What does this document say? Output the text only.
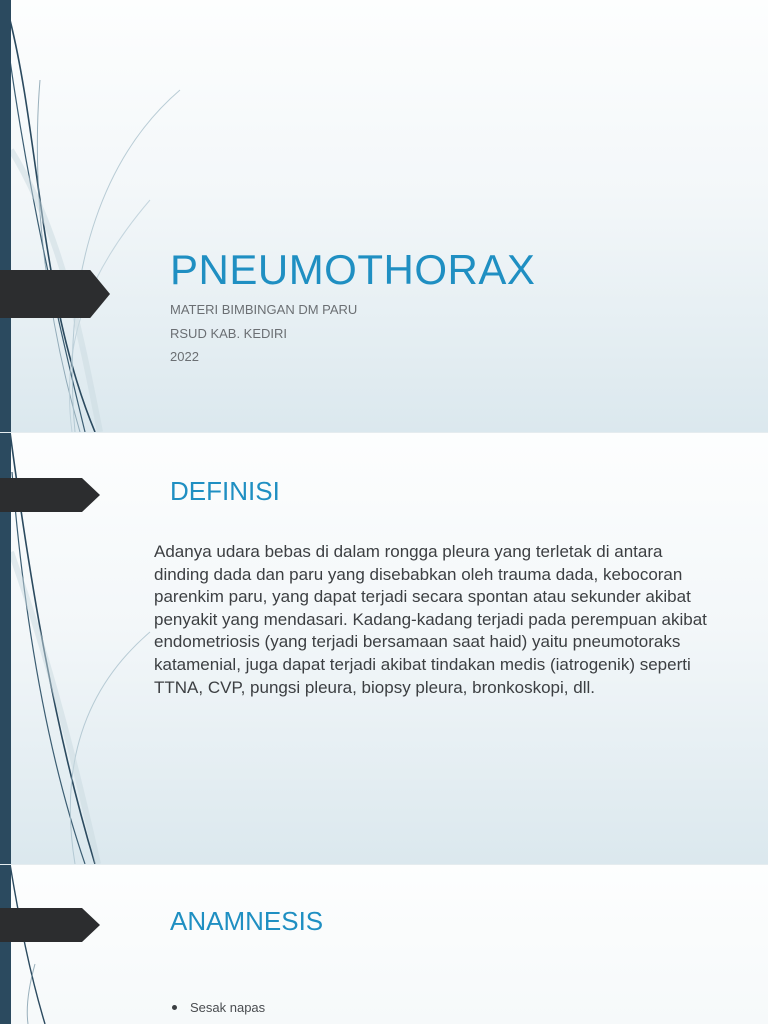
PNEUMOTHORAX

MATERI BIMBINGAN DM PARU

RSUD KAB. KEDIRI

2022

DEFINISI

Adanya udara bebas di dalam rongga pleura yang terletak di antara dinding dada dan paru yang disebabkan oleh trauma dada, kebocoran parenkim paru, yang dapat terjadi secara spontan atau sekunder akibat penyakit yang mendasari. Kadang-kadang terjadi pada perempuan akibat endometriosis (yang terjadi bersamaan saat haid) yaitu pneumotoraks katamenial, juga dapat terjadi akibat tindakan medis (iatrogenik) seperti TTNA, CVP, pungsi pleura, biopsy pleura, bronkoskopi, dll.

ANAMNESIS
Sesak napas
